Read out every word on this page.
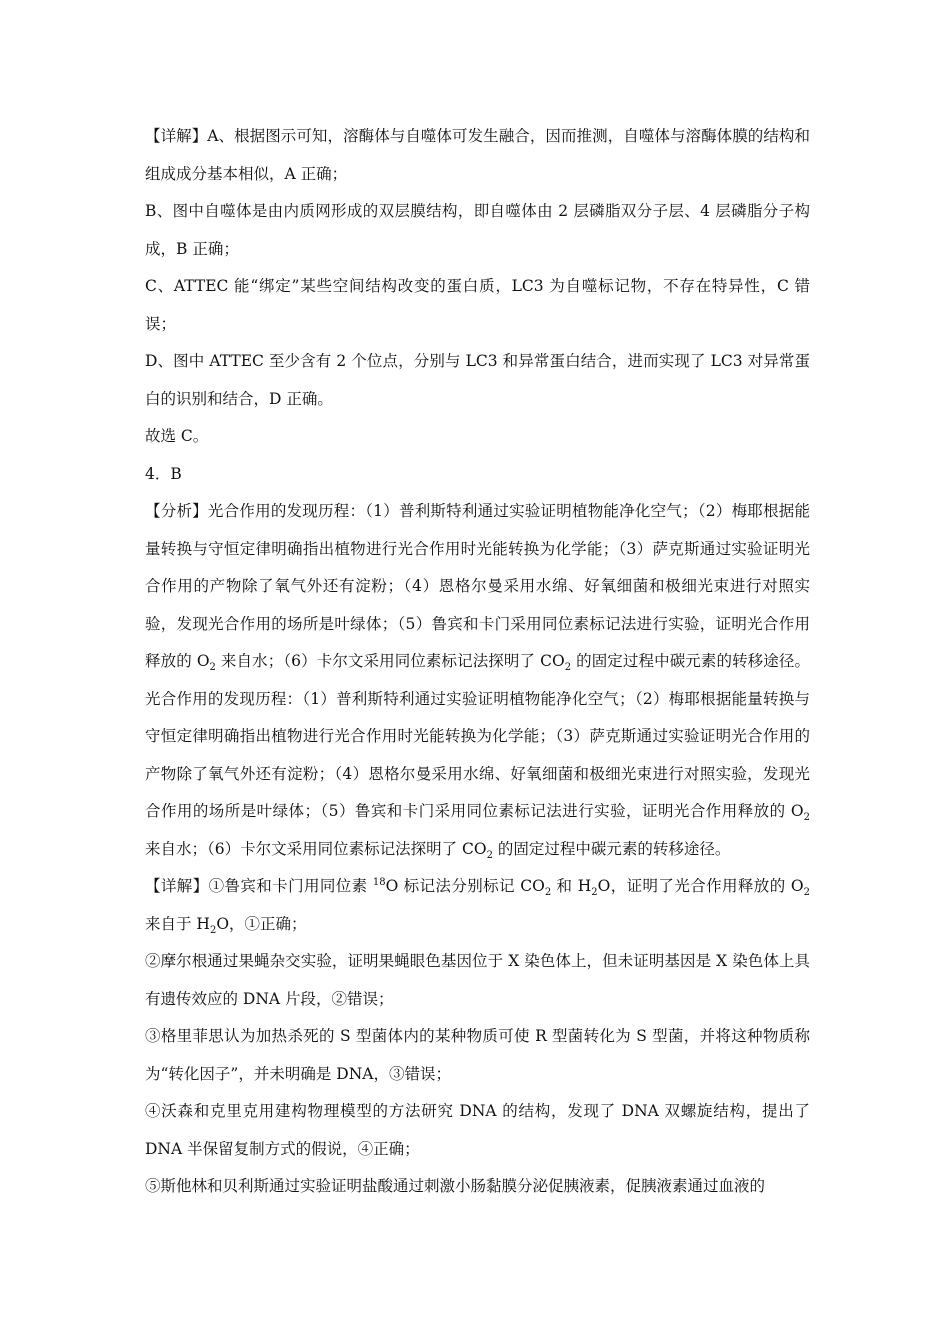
【详解】A、根据图示可知，溶酶体与自噬体可发生融合，因而推测，自噬体与溶酶体膜的结构和组成成分基本相似，A 正确；

B、图中自噬体是由内质网形成的双层膜结构，即自噬体由 2 层磷脂双分子层、4 层磷脂分子构成，B 正确；

C、ATTEC 能“绑定”某些空间结构改变的蛋白质，LC3 为自噬标记物，不存在特异性，C 错误；

D、图中 ATTEC 至少含有 2 个位点，分别与 LC3 和异常蛋白结合，进而实现了 LC3 对异常蛋白的识别和结合，D 正确。

故选 C。

4．B

【分析】光合作用的发现历程：（1）普利斯特利通过实验证明植物能净化空气；（2）梅耶根据能量转换与守恒定律明确指出植物进行光合作用时光能转换为化学能；（3）萨克斯通过实验证明光合作用的产物除了氧气外还有淀粉；（4）恩格尔曼采用水绵、好氧细菌和极细光束进行对照实验，发现光合作用的场所是叶绿体；（5）鲁宾和卡门采用同位素标记法进行实验，证明光合作用释放的 $O_2$ 来自水；（6）卡尔文采用同位素标记法探明了 $CO_2$ 的固定过程中碳元素的转移途径。光合作用的发现历程：（1）普利斯特利通过实验证明植物能净化空气；（2）梅耶根据能量转换与守恒定律明确指出植物进行光合作用时光能转换为化学能；（3）萨克斯通过实验证明光合作用的产物除了氧气外还有淀粉；（4）恩格尔曼采用水绵、好氧细菌和极细光束进行对照实验，发现光合作用的场所是叶绿体；（5）鲁宾和卡门采用同位素标记法进行实验，证明光合作用释放的 $O_2$ 来自水；（6）卡尔文采用同位素标记法探明了 $CO_2$ 的固定过程中碳元素的转移途径。

【详解】①鲁宾和卡门用同位素 $^{18}$O 标记法分别标记 $CO_2$ 和 $H_2O$，证明了光合作用释放的 $O_2$ 来自于 $H_2O$，①正确；

②摩尔根通过果蝇杂交实验，证明果蝇眼色基因位于 X 染色体上，但未证明基因是 X 染色体上具有遗传效应的 DNA 片段，②错误；

③格里菲思认为加热杀死的 S 型菌体内的某种物质可使 R 型菌转化为 S 型菌，并将这种物质称为“转化因子”，并未明确是 DNA，③错误；

④沃森和克里克用建构物理模型的方法研究 DNA 的结构，发现了 DNA 双螺旋结构，提出了 DNA 半保留复制方式的假说，④正确；

⑤斯他林和贝利斯通过实验证明盐酸通过刺激小肠黏膜分泌促胰液素，促胰液素通过血液的
